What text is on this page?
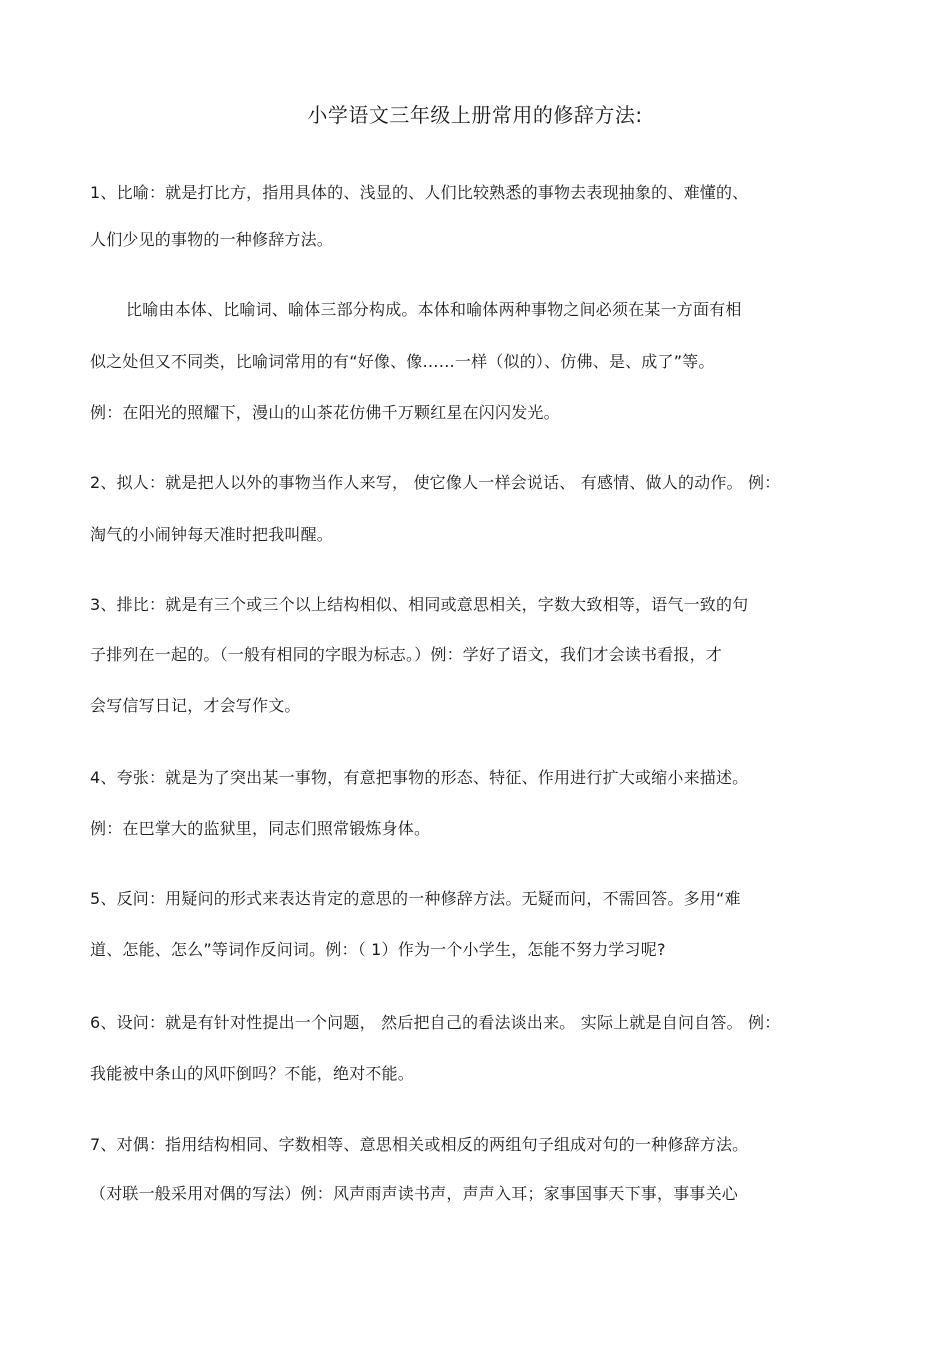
小学语文三年级上册常用的修辞方法:
1、比喻：就是打比方，指用具体的、浅显的、人们比较熟悉的事物去表现抽象的、难懂的、
人们少见的事物的一种修辞方法。
比喻由本体、比喻词、喻体三部分构成。本体和喻体两种事物之间必须在某一方面有相
似之处但又不同类，比喻词常用的有“好像、像……一样（似的）、仿佛、是、成了”等。
例：在阳光的照耀下，漫山的山茶花仿佛千万颗红星在闪闪发光。
2、拟人：就是把人以外的事物当作人来写， 使它像人一样会说话、 有感情、做人的动作。 例：
淘气的小闹钟每天准时把我叫醒。
3、排比：就是有三个或三个以上结构相似、相同或意思相关，字数大致相等，语气一致的句
子排列在一起的。（一般有相同的字眼为标志。）例：学好了语文，我们才会读书看报，才
会写信写日记，才会写作文。
4、夸张：就是为了突出某一事物，有意把事物的形态、特征、作用进行扩大或缩小来描述。
例：在巴掌大的监狱里，同志们照常锻炼身体。
5、反问：用疑问的形式来表达肯定的意思的一种修辞方法。无疑而问，不需回答。多用“难
道、怎能、怎么”等词作反问词。例：（ 1）作为一个小学生，怎能不努力学习呢?
6、设问：就是有针对性提出一个问题， 然后把自己的看法谈出来。 实际上就是自问自答。 例：
我能被中条山的风吓倒吗？不能，绝对不能。
7、对偶：指用结构相同、字数相等、意思相关或相反的两组句子组成对句的一种修辞方法。
（对联一般采用对偶的写法）例：风声雨声读书声，声声入耳；家事国事天下事，事事关心
